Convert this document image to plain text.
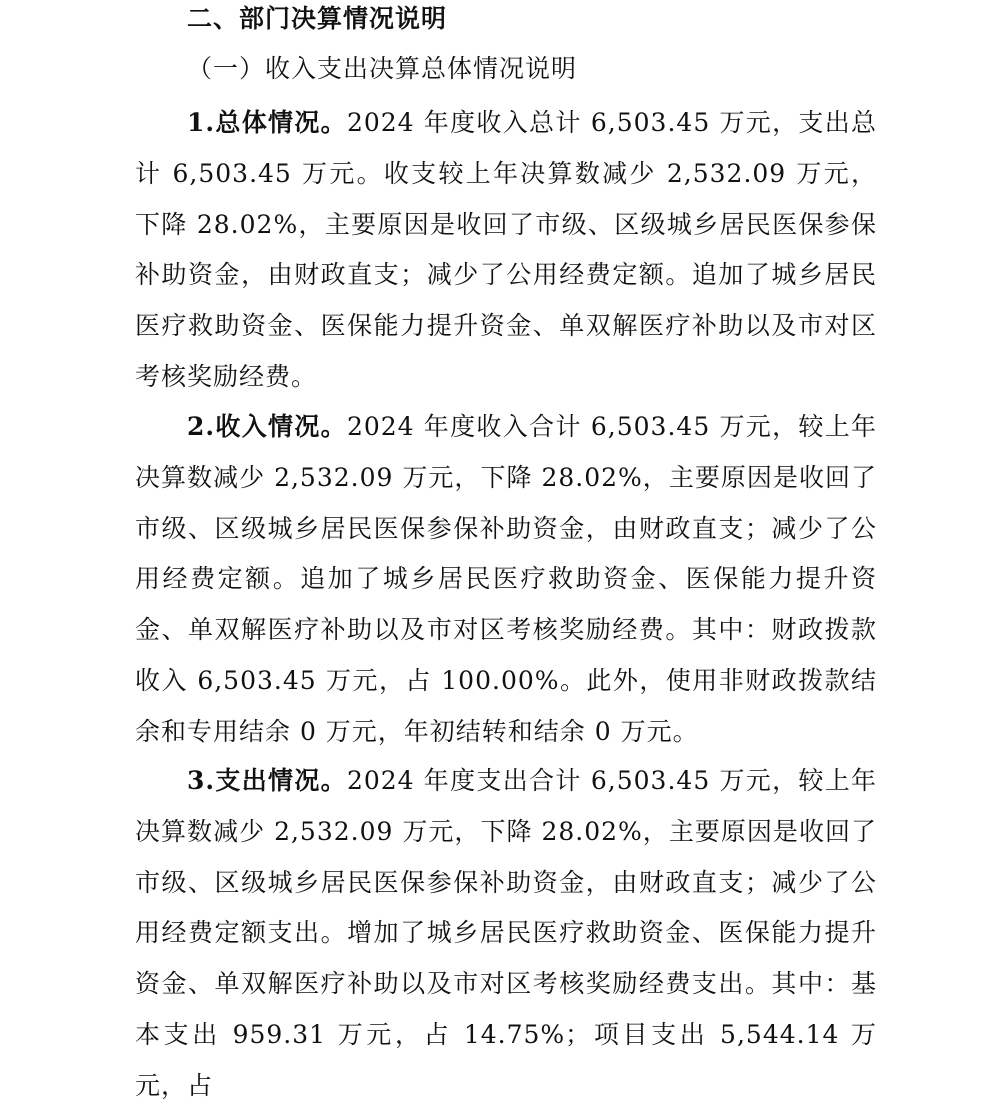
二、部门决算情况说明
（一）收入支出决算总体情况说明

1.总体情况。2024 年度收入总计 6,503.45 万元，支出总计 6,503.45 万元。收支较上年决算数减少 2,532.09 万元，下降 28.02%，主要原因是收回了市级、区级城乡居民医保参保补助资金，由财政直支；减少了公用经费定额。追加了城乡居民医疗救助资金、医保能力提升资金、单双解医疗补助以及市对区考核奖励经费。

2.收入情况。2024 年度收入合计 6,503.45 万元，较上年决算数减少 2,532.09 万元，下降 28.02%，主要原因是收回了市级、区级城乡居民医保参保补助资金，由财政直支；减少了公用经费定额。追加了城乡居民医疗救助资金、医保能力提升资金、单双解医疗补助以及市对区考核奖励经费。其中：财政拨款收入 6,503.45 万元，占 100.00%。此外，使用非财政拨款结余和专用结余 0 万元，年初结转和结余 0 万元。

3.支出情况。2024 年度支出合计 6,503.45 万元，较上年决算数减少 2,532.09 万元，下降 28.02%，主要原因是收回了市级、区级城乡居民医保参保补助资金，由财政直支；减少了公用经费定额支出。增加了城乡居民医疗救助资金、医保能力提升资金、单双解医疗补助以及市对区考核奖励经费支出。其中：基本支出 959.31 万元，占 14.75%；项目支出 5,544.14 万元，占
